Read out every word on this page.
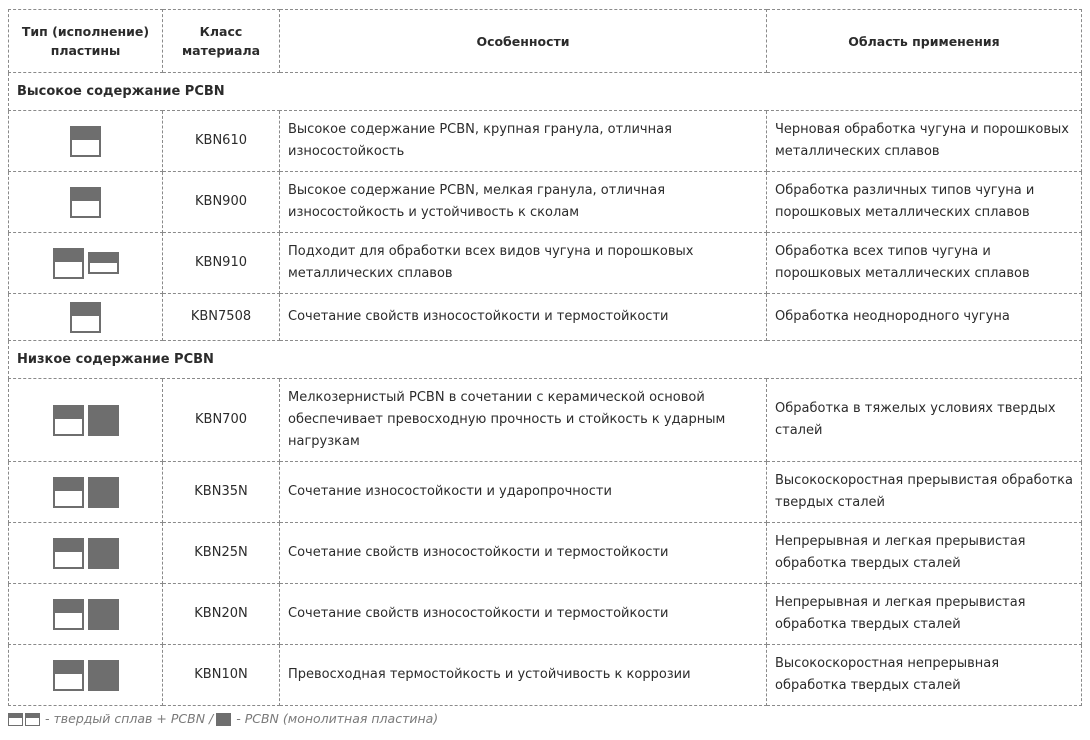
Тип (исполнение) пластины	Класс материала	Особенности	Область применения
Высокое содержание PCBN			
	KBN610	Высокое содержание PCBN, крупная гранула, отличная износостойкость	Черновая обработка чугуна и порошковых металлических сплавов
	KBN900	Высокое содержание PCBN, мелкая гранула, отличная износостойкость и устойчивость к сколам	Обработка различных типов чугуна и порошковых металлических сплавов
	KBN910	Подходит для обработки всех видов чугуна и порошковых металлических сплавов	Обработка всех типов чугуна и порошковых металлических сплавов
	KBN7508	Сочетание свойств износостойкости и термостойкости	Обработка неоднородного чугуна
Низкое содержание PCBN			
	KBN700	Мелкозернистый PCBN в сочетании с керамической основой обеспечивает превосходную прочность и стойкость к ударным нагрузкам	Обработка в тяжелых условиях твердых сталей
	KBN35N	Сочетание износостойкости и ударопрочности	Высокоскоростная прерывистая обработка твердых сталей
	KBN25N	Сочетание свойств износостойкости и термостойкости	Непрерывная и легкая прерывистая обработка твердых сталей
	KBN20N	Сочетание свойств износостойкости и термостойкости	Непрерывная и легкая прерывистая обработка твердых сталей
	KBN10N	Превосходная термостойкость и устойчивость к коррозии	Высокоскоростная непрерывная обработка твердых сталей
- твердый сплав + PCBN / - PCBN (монолитная пластина)
